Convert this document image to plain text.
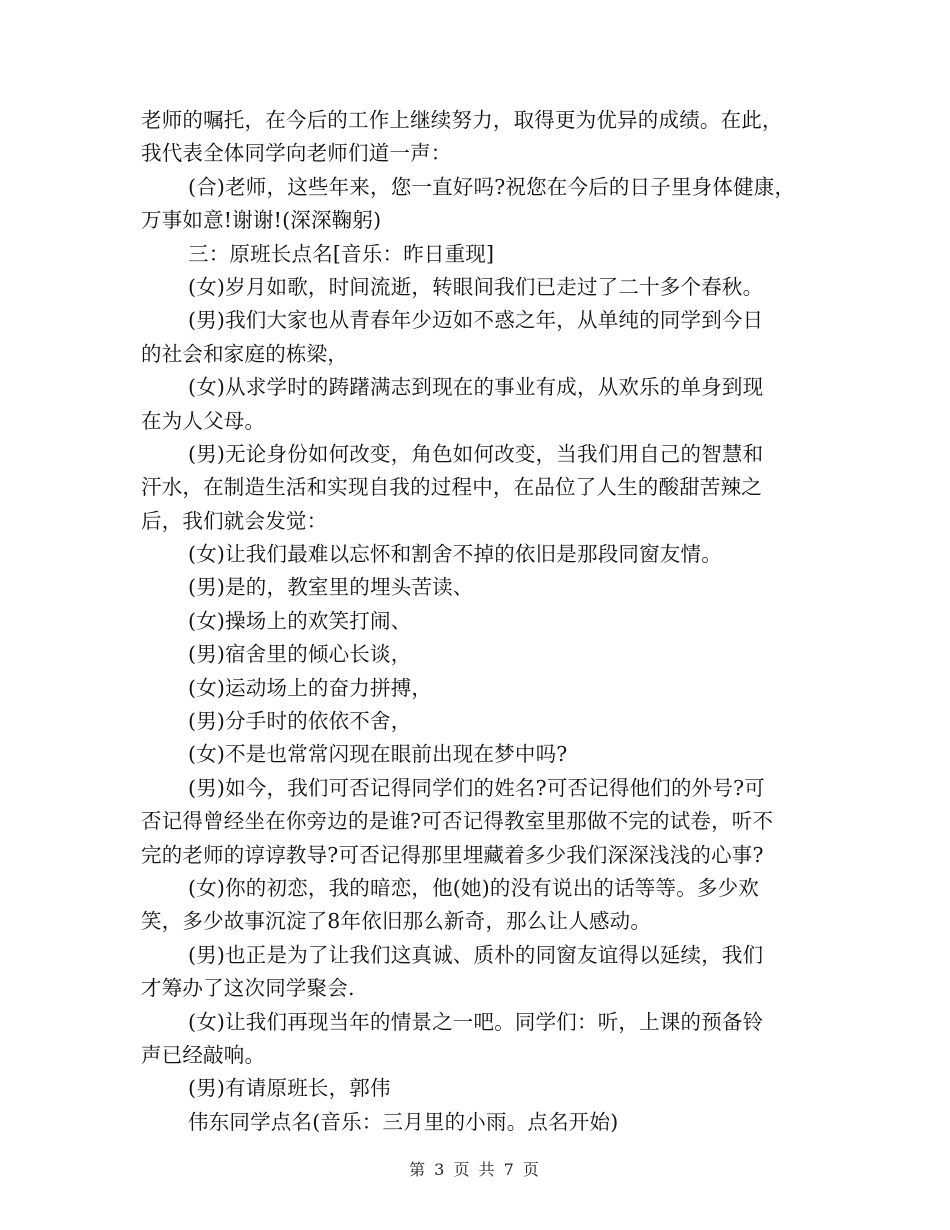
老师的嘱托，在今后的工作上继续努力，取得更为优异的成绩。在此，
我代表全体同学向老师们道一声：
(合)老师，这些年来，您一直好吗?祝您在今后的日子里身体健康，
万事如意!谢谢!(深深鞠躬)
三：原班长点名[音乐：昨日重现]
(女)岁月如歌，时间流逝，转眼间我们已走过了二十多个春秋。
(男)我们大家也从青春年少迈如不惑之年，从单纯的同学到今日
的社会和家庭的栋梁，
(女)从求学时的踌躇满志到现在的事业有成，从欢乐的单身到现
在为人父母。
(男)无论身份如何改变，角色如何改变，当我们用自己的智慧和
汗水，在制造生活和实现自我的过程中，在品位了人生的酸甜苦辣之
后，我们就会发觉：
(女)让我们最难以忘怀和割舍不掉的依旧是那段同窗友情。
(男)是的，教室里的埋头苦读、
(女)操场上的欢笑打闹、
(男)宿舍里的倾心长谈，
(女)运动场上的奋力拼搏，
(男)分手时的依依不舍，
(女)不是也常常闪现在眼前出现在梦中吗?
(男)如今，我们可否记得同学们的姓名?可否记得他们的外号?可
否记得曾经坐在你旁边的是谁?可否记得教室里那做不完的试卷，听不
完的老师的谆谆教导?可否记得那里埋藏着多少我们深深浅浅的心事?
(女)你的初恋，我的暗恋，他(她)的没有说出的话等等。多少欢
笑，多少故事沉淀了8年依旧那么新奇，那么让人感动。
(男)也正是为了让我们这真诚、质朴的同窗友谊得以延续，我们
才筹办了这次同学聚会.
(女)让我们再现当年的情景之一吧。同学们：听，上课的预备铃
声已经敲响。
(男)有请原班长，郭伟
伟东同学点名(音乐：三月里的小雨。点名开始)
第 3 页 共 7 页
